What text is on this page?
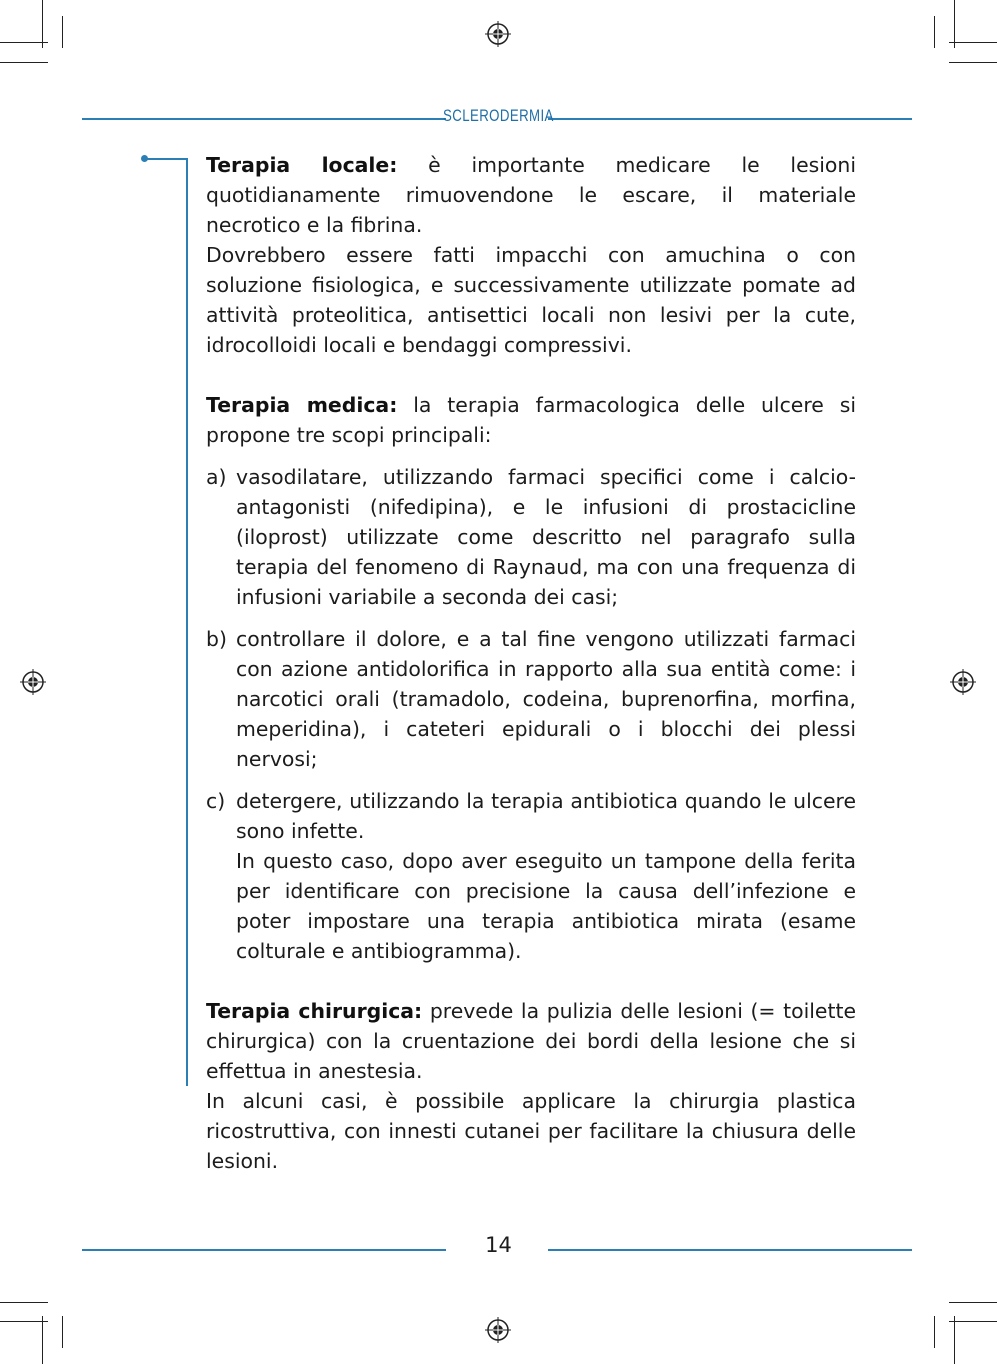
SCLERODERMIA

Terapia locale: è importante medicare le lesioni quotidianamente rimuovendone le escare, il materiale necrotico e la fibrina.

Dovrebbero essere fatti impacchi con amuchina o con soluzione fisiologica, e successivamente utilizzate pomate ad attività proteolitica, antisettici locali non lesivi per la cute, idrocolloidi locali e bendaggi compressivi.

Terapia medica: la terapia farmacologica delle ulcere si propone tre scopi principali:

a) vasodilatare, utilizzando farmaci specifici come i calcio-antagonisti (nifedipina), e le infusioni di prostacicline (iloprost) utilizzate come descritto nel paragrafo sulla terapia del fenomeno di Raynaud, ma con una frequenza di infusioni variabile a seconda dei casi;

b) controllare il dolore, e a tal fine vengono utilizzati farmaci con azione antidolorifica in rapporto alla sua entità come: i narcotici orali (tramadolo, codeina, buprenorfina, morfina, meperidina), i cateteri epidurali o i blocchi dei plessi nervosi;

c) detergere, utilizzando la terapia antibiotica quando le ulcere sono infette.

In questo caso, dopo aver eseguito un tampone della ferita per identificare con precisione la causa dell’infezione e poter impostare una terapia antibiotica mirata (esame colturale e antibiogramma).

Terapia chirurgica: prevede la pulizia delle lesioni (= toilette chirurgica) con la cruentazione dei bordi della lesione che si effettua in anestesia.

In alcuni casi, è possibile applicare la chirurgia plastica ricostruttiva, con innesti cutanei per facilitare la chiusura delle lesioni.

14
